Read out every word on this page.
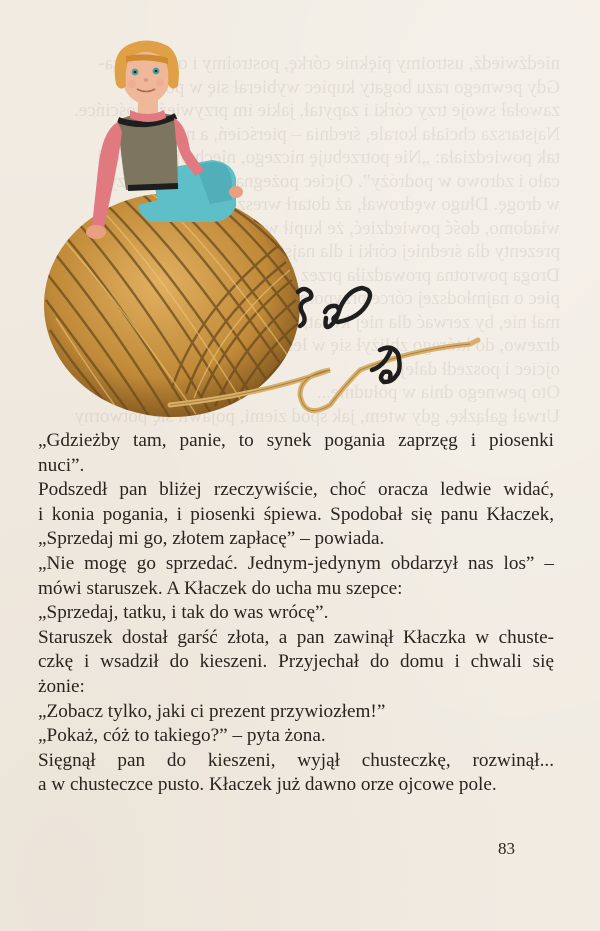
niedźwiedź, ustroimy pięknie córkę, postroimy i oddamy za-

Gdy pewnego razu bogaty kupiec wybierał się w podróż,

zawołał swoje trzy córki i zapytał, jakie im przywieźć gościńce.

Najstarsza chciała korale, średnia – pierścień, a najmłodsza

tak powiedziała: „Nie potrzebuję niczego, niech ojciec wróci

cało i zdrowo w podróży”. Ojciec pożegnał córki i wyruszył

w drogę. Długo wędrował, aż dotarł wreszcie na miejsce.

wiadomo, dość powiedzieć, że kupił wszystko, co trzeba było,

prezenty dla średniej córki i dla najstarszej też. Wracał

Droga powrotna prowadziła przez las ciemny i gęsty.

piec o najmłodszej córce przypomniał sobie, że nic dla niej

mał nie, by zerwać dla niej kwiat, taki, jaki rośnie

drzewo, do którego zbliżył się w lesie, orzechy złote.

ojciec i poszedł dalej.

Oto pewnego dnia w południe...

Urwał gałązkę, gdy wtem, jak spod ziemi, pojawił się potworny

„Gdzieżby tam, panie, to synek pogania zaprzęg i piosenki
nuci”.
Podszedł pan bliżej rzeczywiście, choć oracza ledwie widać,
i konia pogania, i piosenki śpiewa. Spodobał się panu Kłaczek,
„Sprzedaj mi go, złotem zapłacę” – powiada.
„Nie mogę go sprzedać. Jednym-jedynym obdarzył nas los” –
mówi staruszek. A Kłaczek do ucha mu szepce:
„Sprzedaj, tatku, i tak do was wrócę”.
Staruszek dostał garść złota, a pan zawinął Kłaczka w chuste-
czkę i wsadził do kieszeni. Przyjechał do domu i chwali się
żonie:
„Zobacz tylko, jaki ci prezent przywiozłem!”
„Pokaż, cóż to takiego?” – pyta żona.
Sięgnął pan do kieszeni, wyjął chusteczkę, rozwinął...
a w chusteczce pusto. Kłaczek już dawno orze ojcowe pole.
83
